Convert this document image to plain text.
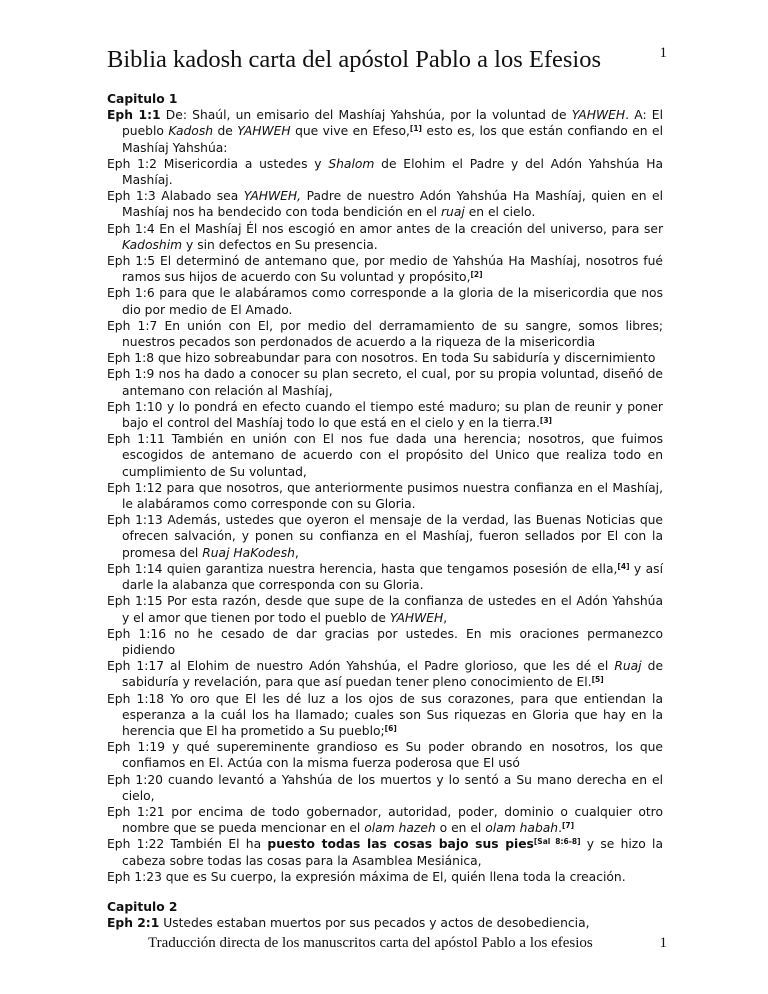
Biblia kadosh carta del apóstol Pablo a los Efesios	1

Capitulo 1

Eph 1:1 De: Shaúl, un emisario del Mashíaj Yahshúa, por la voluntad de YAHWEH. A: El pueblo Kadosh de YAHWEH que vive en Efeso,[1] esto es, los que están confiando en el Mashíaj Yahshúa:

Eph 1:2 Misericordia a ustedes y Shalom de Elohim el Padre y del Adón Yahshúa Ha Mashíaj.

Eph 1:3 Alabado sea YAHWEH, Padre de nuestro Adón Yahshúa Ha Mashíaj, quien en el Mashíaj nos ha bendecido con toda bendición en el ruaj en el cielo.

Eph 1:4 En el Mashíaj Él nos escogió en amor antes de la creación del universo, para ser Kadoshim y sin defectos en Su presencia.

Eph 1:5 El determinó de antemano que, por medio de Yahshúa Ha Mashíaj, nosotros fué ramos sus hijos de acuerdo con Su voluntad y propósito,[2]

Eph 1:6 para que le alabáramos como corresponde a la gloria de la misericordia que nos dio por medio de El Amado.

Eph 1:7 En unión con El, por medio del derramamiento de su sangre, somos libres; nuestros pecados son perdonados de acuerdo a la riqueza de la misericordia

Eph 1:8 que hizo sobreabundar para con nosotros. En toda Su sabiduría y discernimiento

Eph 1:9 nos ha dado a conocer su plan secreto, el cual, por su propia voluntad, diseñó de antemano con relación al Mashíaj,

Eph 1:10 y lo pondrá en efecto cuando el tiempo esté maduro; su plan de reunir y poner bajo el control del Mashíaj todo lo que está en el cielo y en la tierra.[3]

Eph 1:11 También en unión con El nos fue dada una herencia; nosotros, que fuimos escogidos de antemano de acuerdo con el propósito del Unico que realiza todo en cumplimiento de Su voluntad,

Eph 1:12 para que nosotros, que anteriormente pusimos nuestra confianza en el Mashíaj, le alabáramos como corresponde con su Gloria.

Eph 1:13 Además, ustedes que oyeron el mensaje de la verdad, las Buenas Noticias que ofrecen salvación, y ponen su confianza en el Mashíaj, fueron sellados por El con la promesa del Ruaj HaKodesh,

Eph 1:14 quien garantiza nuestra herencia, hasta que tengamos posesión de ella,[4] y así darle la alabanza que corresponda con su Gloria.

Eph 1:15 Por esta razón, desde que supe de la confianza de ustedes en el Adón Yahshúa y el amor que tienen por todo el pueblo de YAHWEH,

Eph 1:16 no he cesado de dar gracias por ustedes. En mis oraciones permanezco pidiendo

Eph 1:17 al Elohim de nuestro Adón Yahshúa, el Padre glorioso, que les dé el Ruaj de sabiduría y revelación, para que así puedan tener pleno conocimiento de El.[5]

Eph 1:18 Yo oro que El les dé luz a los ojos de sus corazones, para que entiendan la esperanza a la cuál los ha llamado; cuales son Sus riquezas en Gloria que hay en la herencia que El ha prometido a Su pueblo;[6]

Eph 1:19 y qué supereminente grandioso es Su poder obrando en nosotros, los que confiamos en El. Actúa con la misma fuerza poderosa que El usó

Eph 1:20 cuando levantó a Yahshúa de los muertos y lo sentó a Su mano derecha en el cielo,

Eph 1:21 por encima de todo gobernador, autoridad, poder, dominio o cualquier otro nombre que se pueda mencionar en el olam hazeh o en el olam habah.[7]

Eph 1:22 También El ha puesto todas las cosas bajo sus pies[Sal 8:6-8] y se hizo la cabeza sobre todas las cosas para la Asamblea Mesiánica,

Eph 1:23 que es Su cuerpo, la expresión máxima de El, quién llena toda la creación.

Capitulo 2

Eph 2:1 Ustedes estaban muertos por sus pecados y actos de desobediencia,

Traducción directa de los manuscritos carta del apóstol Pablo a los efesios	1
